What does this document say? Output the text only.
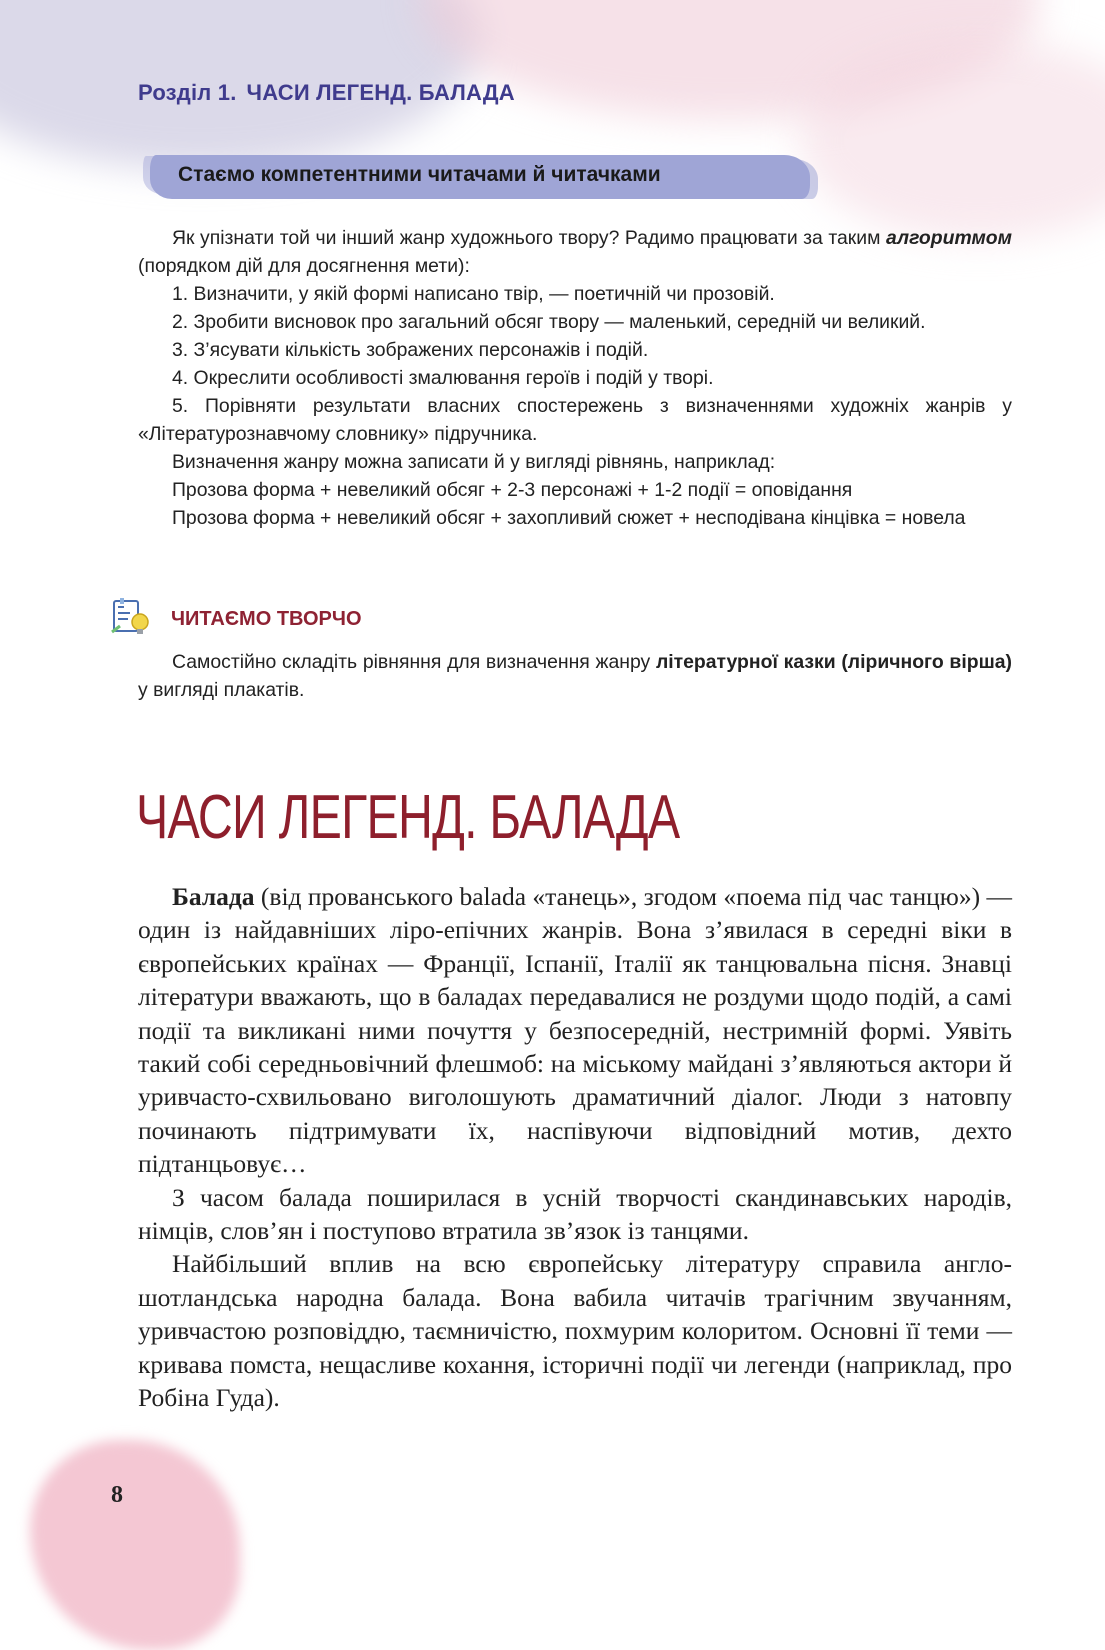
Розділ 1. ЧАСИ ЛЕГЕНД. БАЛАДА
Стаємо компетентними читачами й читачками

Як упізнати той чи інший жанр художнього твору? Радимо працювати за таким алгоритмом (порядком дій для досягнення мети):

1. Визначити, у якій формі написано твір, — поетичній чи прозовій.

2. Зробити висновок про загальний обсяг твору — маленький, середній чи великий.

3. З’ясувати кількість зображених персонажів і подій.

4. Окреслити особливості змалювання героїв і подій у творі.

5. Порівняти результати власних спостережень з визначеннями художніх жанрів у «Літературознавчому словнику» підручника.

Визначення жанру можна записати й у вигляді рівнянь, наприклад:

Прозова форма + невеликий обсяг + 2-3 персонажі + 1-2 події = оповідання

Прозова форма + невеликий обсяг + захопливий сюжет + несподівана кінцівка = новела

ЧИТАЄМО ТВОРЧО

Самостійно складіть рівняння для визначення жанру літературної казки (ліричного вірша) у вигляді плакатів.

ЧАСИ ЛЕГЕНД. БАЛАДА

Балада (від прованського balada «танець», згодом «поема під час танцю») — один із найдавніших ліро-епічних жанрів. Вона з’явилася в середні віки в європейських країнах — Франції, Іспанії, Італії як танцювальна пісня. Знавці літератури вважають, що в баладах передавалися не роздуми щодо подій, а самі події та викликані ними почуття у безпосередній, нестримній формі. Уявіть такий собі середньовічний флешмоб: на міському майдані з’являються актори й уривчасто-схвильовано виголошують драматичний діалог. Люди з натовпу починають підтримувати їх, наспівуючи відповідний мотив, дехто підтанцьовує…

З часом балада поширилася в усній творчості скандинавських народів, німців, слов’ян і поступово втратила зв’язок із танцями.

Найбільший вплив на всю європейську літературу справила англо-шотландська народна балада. Вона вабила читачів трагічним звучанням, уривчастою розповіддю, таємничістю, похмурим колоритом. Основні її теми — кривава помста, нещасливе кохання, історичні події чи легенди (наприклад, про Робіна Гуда).

8
